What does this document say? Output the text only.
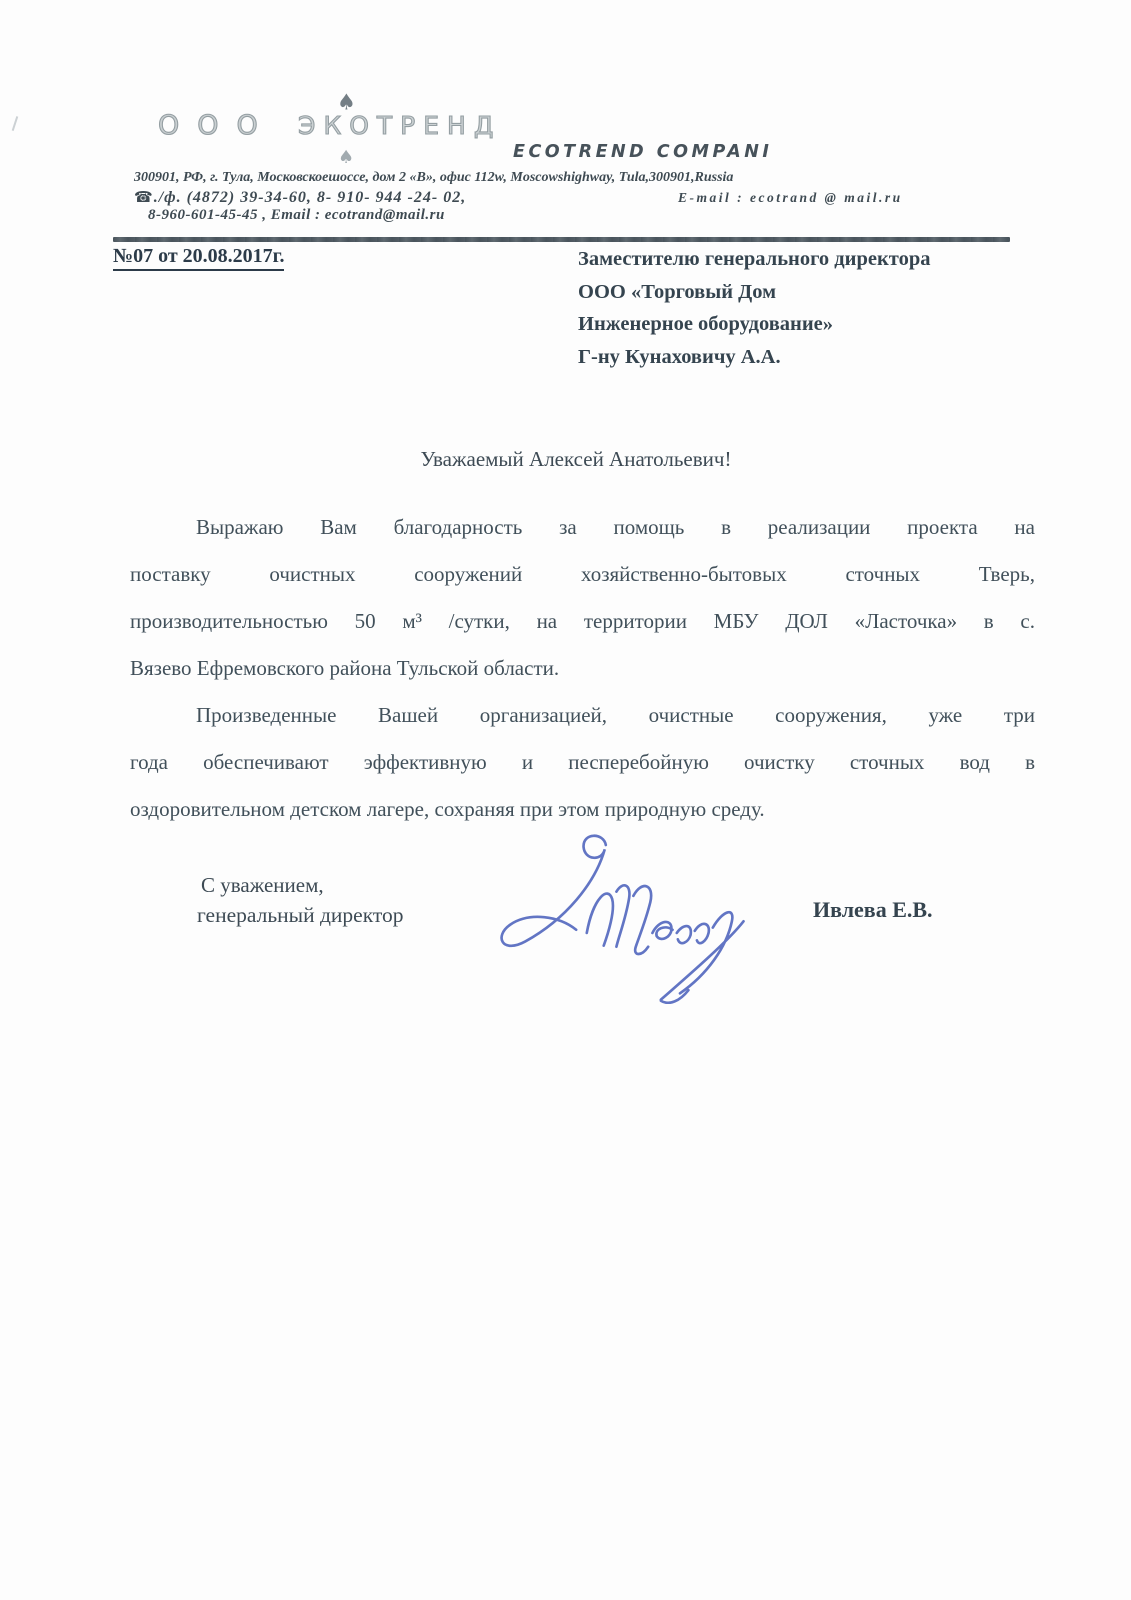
ООО
♠
ЭКОТРЕНД
♠	ECOTREND COMPANI
300901, РФ, г. Тула, Московскоешоссе, дом 2 «В», офис 112w, Moscowshighway, Tula,300901,Russia
☎./ф. (4872) 39-34-60, 8- 910- 944 -24- 02,	E-mail : ecotrand @ mail.ru
8-960-601-45-45 , Email : ecotrand@mail.ru
№07 от 20.08.2017г.	Заместителю генерального директора
ООО «Торговый Дом
Инженерное оборудование»
Г-ну Кунаховичу А.А.
Уважаемый Алексей Анатольевич!
Выражаю Вам благодарность за помощь в реализации проекта на
поставку очистных сооружений хозяйственно-бытовых сточных Тверь,
производительностью 50 м³ /сутки, на территории МБУ ДОЛ «Ласточка» в с.
Вязево Ефремовского района Тульской области.
Произведенные Вашей организацией, очистные сооружения, уже три
года обеспечивают эффективную и песперебойную очистку сточных вод в
оздоровительном детском лагере, сохраняя при этом природную среду.
С уважением,
генеральный директор	Ивлева Е.В.
